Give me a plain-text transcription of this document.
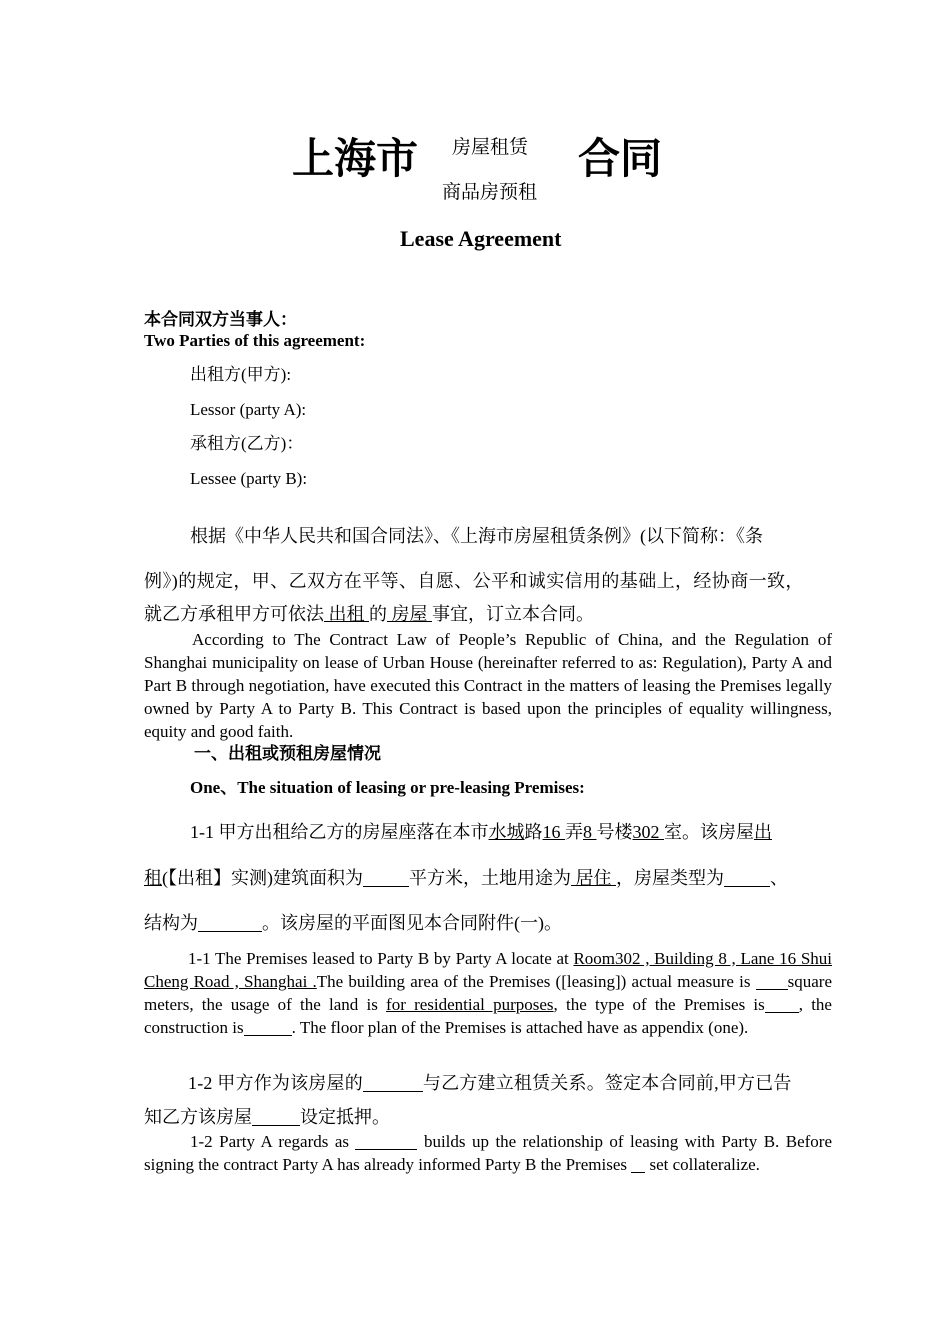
上海市 房屋租赁
商品房预租
合同
Lease Agreement
本合同双方当事人：
Two Parties of this agreement:
出租方(甲方):
Lessor (party A):
承租方(乙方)：
Lessee (party B):
根据《中华人民共和国合同法》、《上海市房屋租赁条例》(以下简称：《条
例》)的规定，甲、乙双方在平等、自愿、公平和诚实信用的基础上，经协商一致，
就乙方承租甲方可依法 出租 的 房屋 事宜，订立本合同。
According to The Contract Law of People’s Republic of China, and the Regulation of Shanghai municipality on lease of Urban House (hereinafter referred to as: Regulation), Party A and Part B through negotiation, have executed this Contract in the matters of leasing the Premises legally owned by Party A to Party B. This Contract is based upon the principles of equality willingness, equity and good faith.
一、出租或预租房屋情况
One、The situation of leasing or pre-leasing Premises:
1-1 甲方出租给乙方的房屋座落在本市水城路16 弄8 号楼302 室。该房屋出
租(【出租】实测)建筑面积为	平方米，土地用途为 居住 ，房屋类型为	、
结构为	。该房屋的平面图见本合同附件(一)。
1-1 The Premises leased to Party B by Party A locate at Room302 , Building 8 , Lane 16 Shui Cheng Road , Shanghai .The building area of the Premises ([leasing]) actual measure is square meters, the usage of the land is for residential purposes, the type of the Premises is , the construction is	. The floor plan of the Premises is attached have as appendix (one).
1-2 甲方作为该房屋的	与乙方建立租赁关系。签定本合同前,甲方已告
知乙方该房屋	设定抵押。
1-2 Party A regards as	builds up the relationship of leasing with Party B. Before signing the contract Party A has already informed Party B the Premises  set collateralize.
